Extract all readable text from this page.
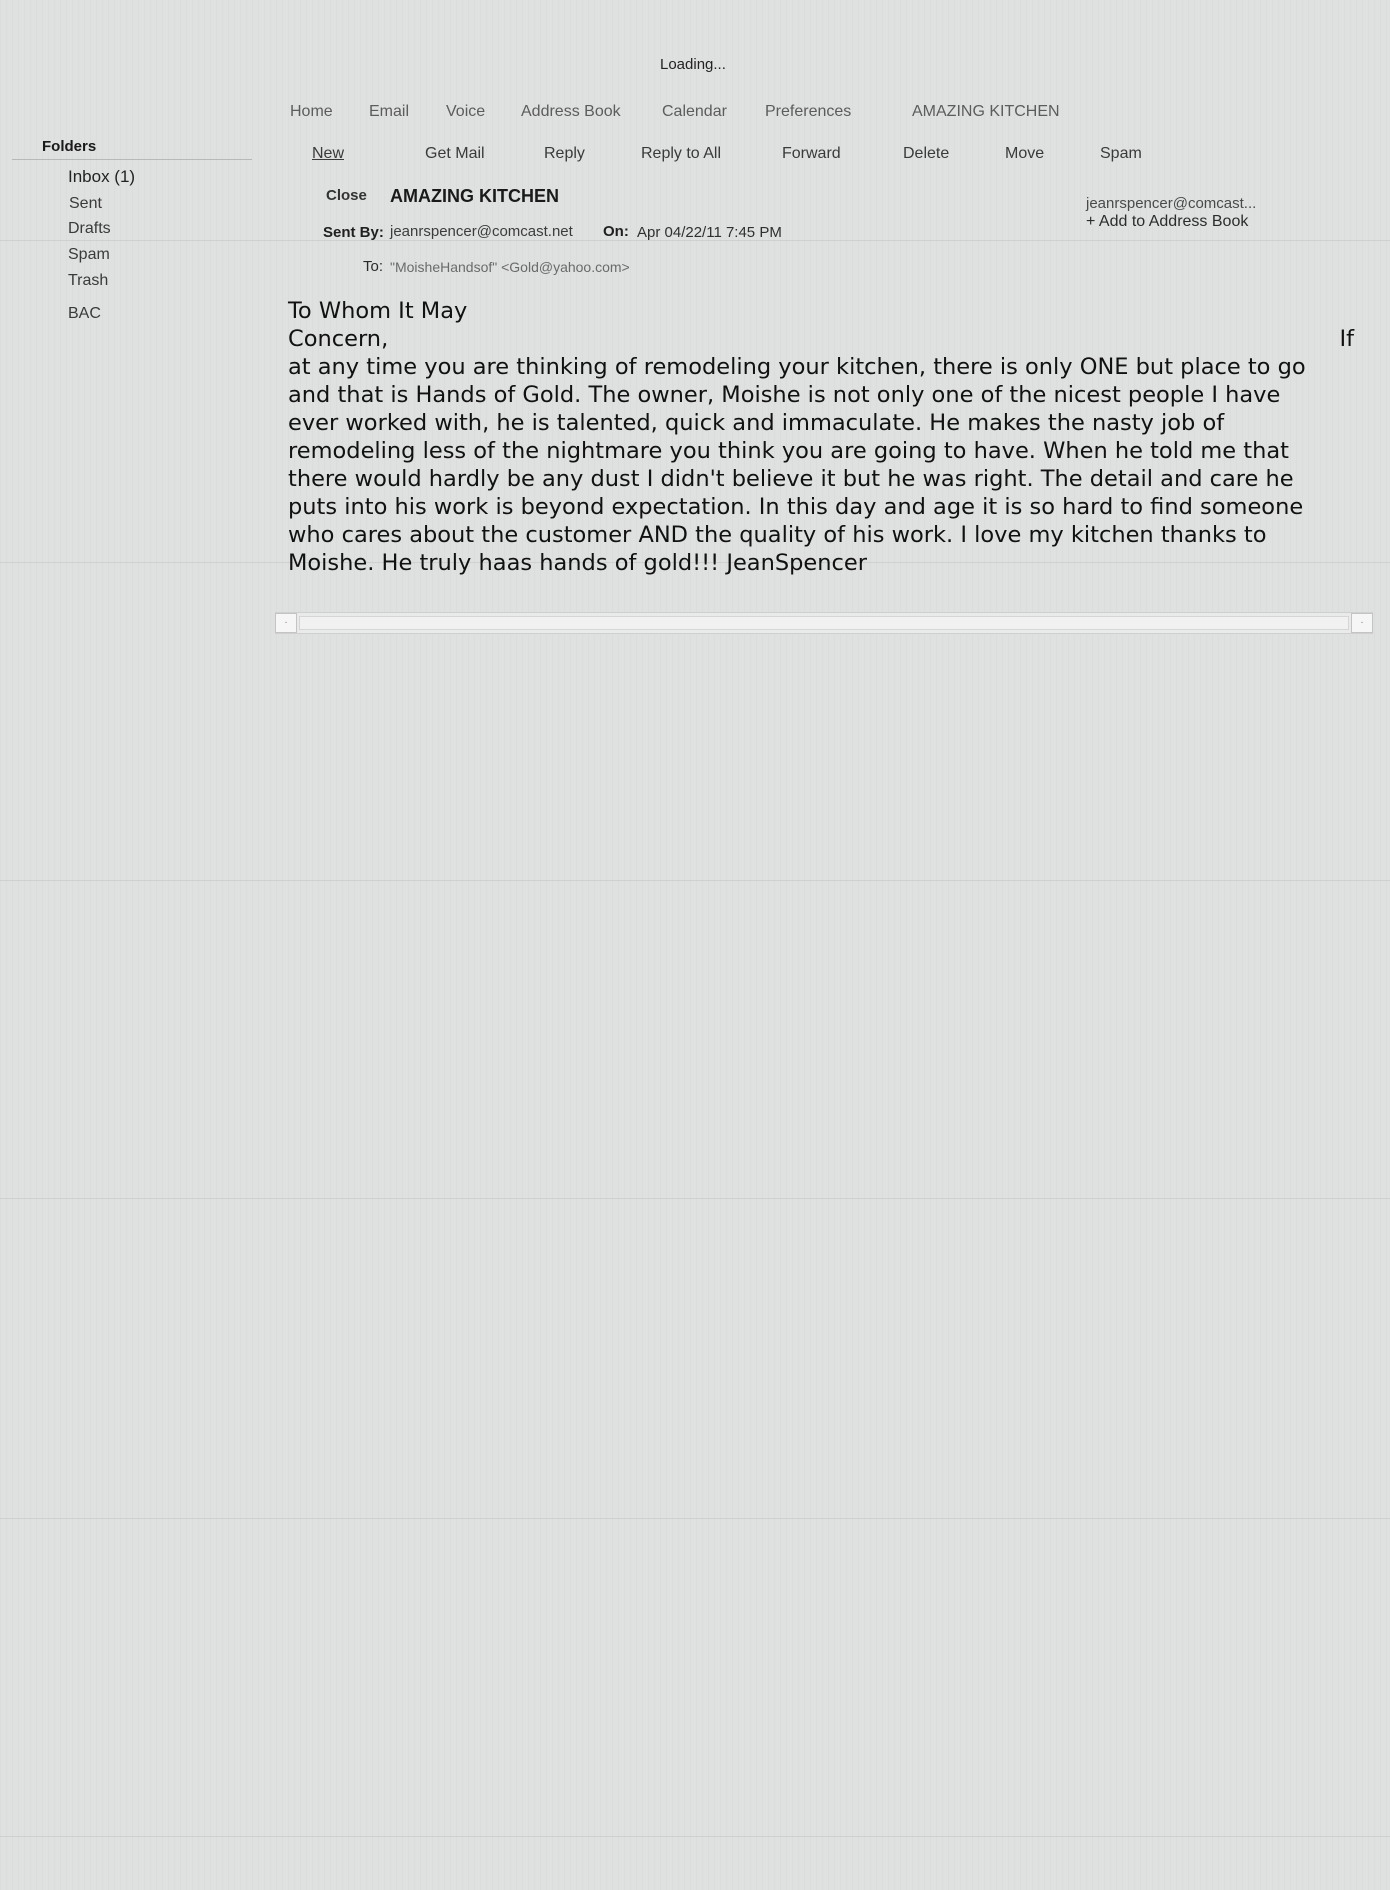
Loading...
Home Email Voice Address Book	Calendar Preferences	AMAZING KITCHEN
New	Get Mail	Reply	Reply to All	Forward	Delete	Move	Spam
Folders
Inbox (1)
Sent
Drafts
Spam
Trash
BAC
Close AMAZING KITCHEN
Sent By: jeanrspencer@comcast.net On: Apr 04/22/11 7:45 PM
To: "MoisheHandsof" <Gold@yahoo.com>
jeanrspencer@comcast...
+ Add to Address Book
To Whom It May
Concern,	If
at any time you are thinking of remodeling your kitchen, there is only ONE but place to go
and that is Hands of Gold. The owner, Moishe is not only one of the nicest people I have
ever worked with, he is talented, quick and immaculate. He makes the nasty job of
remodeling less of the nightmare you think you are going to have. When he told me that
there would hardly be any dust I didn't believe it but he was right. The detail and care he
puts into his work is beyond expectation. In this day and age it is so hard to find someone
who cares about the customer AND the quality of his work. I love my kitchen thanks to
Moishe. He truly haas hands of gold!!! JeanSpencer
·	·
